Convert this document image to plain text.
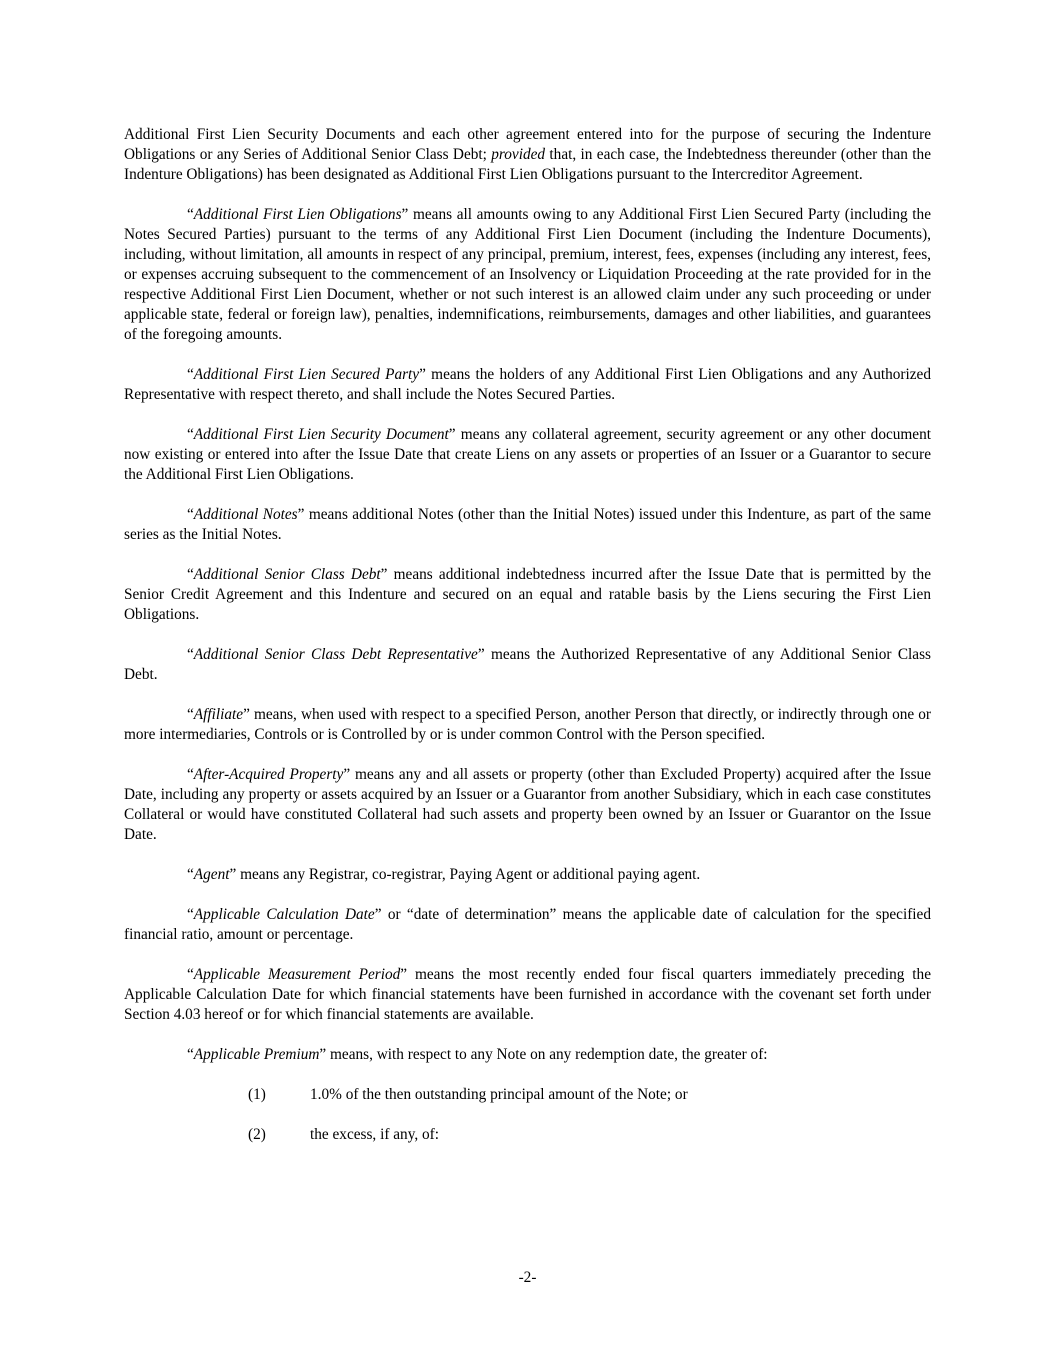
Additional First Lien Security Documents and each other agreement entered into for the purpose of securing the Indenture Obligations or any Series of Additional Senior Class Debt; provided that, in each case, the Indebtedness thereunder (other than the Indenture Obligations) has been designated as Additional First Lien Obligations pursuant to the Intercreditor Agreement.

“Additional First Lien Obligations” means all amounts owing to any Additional First Lien Secured Party (including the Notes Secured Parties) pursuant to the terms of any Additional First Lien Document (including the Indenture Documents), including, without limitation, all amounts in respect of any principal, premium, interest, fees, expenses (including any interest, fees, or expenses accruing subsequent to the commencement of an Insolvency or Liquidation Proceeding at the rate provided for in the respective Additional First Lien Document, whether or not such interest is an allowed claim under any such proceeding or under applicable state, federal or foreign law), penalties, indemnifications, reimbursements, damages and other liabilities, and guarantees of the foregoing amounts.

“Additional First Lien Secured Party” means the holders of any Additional First Lien Obligations and any Authorized Representative with respect thereto, and shall include the Notes Secured Parties.

“Additional First Lien Security Document” means any collateral agreement, security agreement or any other document now existing or entered into after the Issue Date that create Liens on any assets or properties of an Issuer or a Guarantor to secure the Additional First Lien Obligations.

“Additional Notes” means additional Notes (other than the Initial Notes) issued under this Indenture, as part of the same series as the Initial Notes.

“Additional Senior Class Debt” means additional indebtedness incurred after the Issue Date that is permitted by the Senior Credit Agreement and this Indenture and secured on an equal and ratable basis by the Liens securing the First Lien Obligations.

“Additional Senior Class Debt Representative” means the Authorized Representative of any Additional Senior Class Debt.

“Affiliate” means, when used with respect to a specified Person, another Person that directly, or indirectly through one or more intermediaries, Controls or is Controlled by or is under common Control with the Person specified.

“After-Acquired Property” means any and all assets or property (other than Excluded Property) acquired after the Issue Date, including any property or assets acquired by an Issuer or a Guarantor from another Subsidiary, which in each case constitutes Collateral or would have constituted Collateral had such assets and property been owned by an Issuer or Guarantor on the Issue Date.

“Agent” means any Registrar, co-registrar, Paying Agent or additional paying agent.

“Applicable Calculation Date” or “date of determination” means the applicable date of calculation for the specified financial ratio, amount or percentage.

“Applicable Measurement Period” means the most recently ended four fiscal quarters immediately preceding the Applicable Calculation Date for which financial statements have been furnished in accordance with the covenant set forth under Section 4.03 hereof or for which financial statements are available.

“Applicable Premium” means, with respect to any Note on any redemption date, the greater of:

(1)	1.0% of the then outstanding principal amount of the Note; or
(2)	the excess, if any, of:
-2-
